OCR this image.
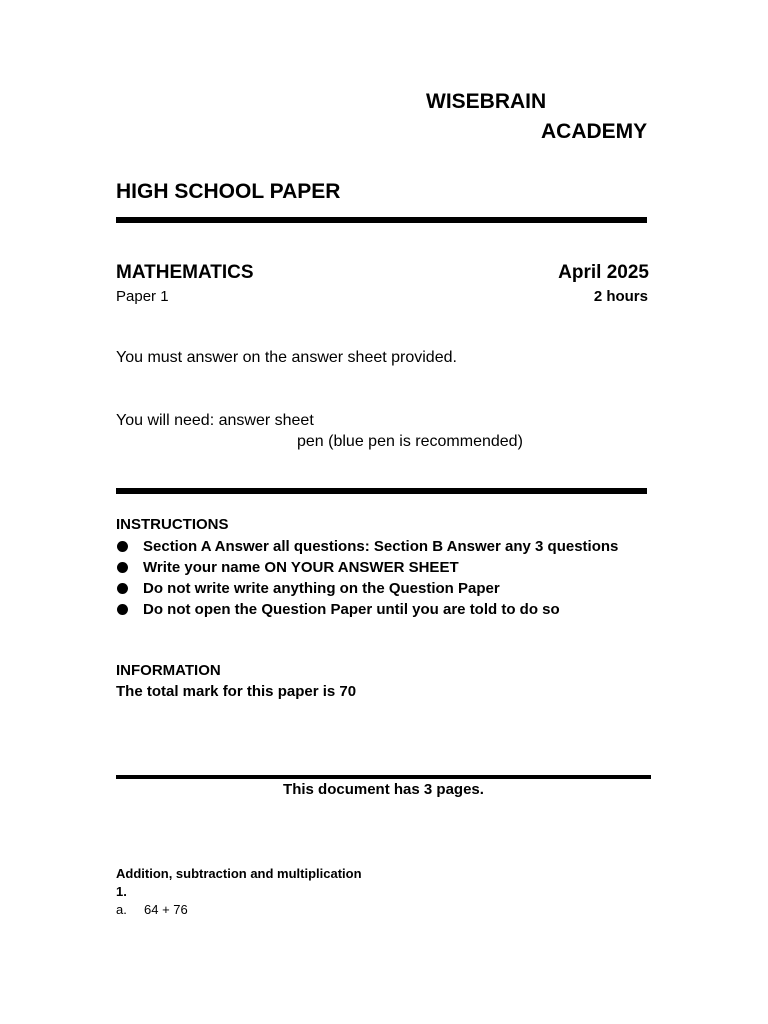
WISEBRAIN
ACADEMY
HIGH SCHOOL PAPER
MATHEMATICS	April 2025
Paper 1	2 hours
You must answer on the answer sheet provided.
You will need: answer sheet
pen (blue pen is recommended)
INSTRUCTIONS
Section A Answer all questions: Section B Answer any 3 questions
Write your name ON YOUR ANSWER SHEET
Do not write write anything on the Question Paper
Do not open the Question Paper until you are told to do so
INFORMATION
The total mark for this paper is 70
This document has 3 pages.
Addition, subtraction and multiplication
1.
a. 64 + 76
